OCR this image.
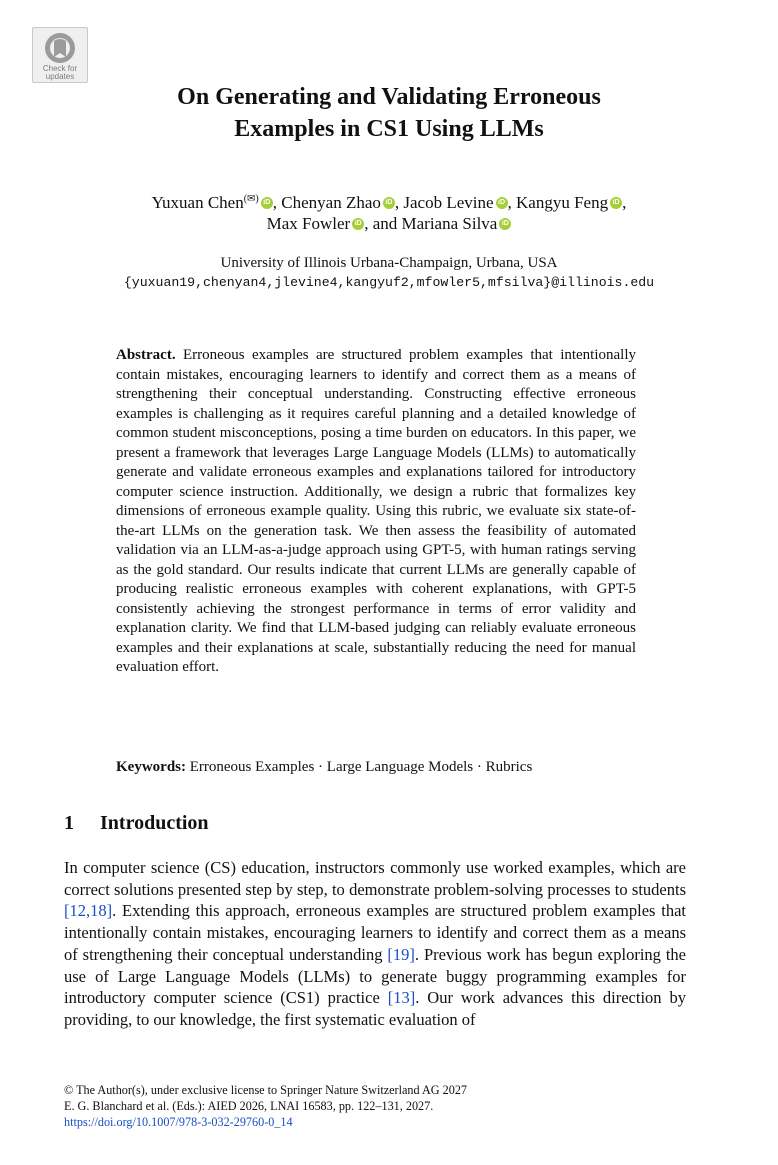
Check for
updates
On Generating and Validating Erroneous
Examples in CS1 Using LLMs
Yuxuan Chen(✉) iD , Chenyan Zhao iD , Jacob Levine iD , Kangyu Feng iD ,
Max Fowler iD , and Mariana SilvaiD
University of Illinois Urbana-Champaign, Urbana, USA
{yuxuan19,chenyan4,jlevine4,kangyuf2,mfowler5,mfsilva}@illinois.edu

Abstract. Erroneous examples are structured problem examples that intentionally contain mistakes, encouraging learners to identify and correct them as a means of strengthening their conceptual understanding. Constructing effective erroneous examples is challenging as it requires careful planning and a detailed knowledge of common student misconceptions, posing a time burden on educators. In this paper, we present a framework that leverages Large Language Models (LLMs) to automatically generate and validate erroneous examples and explanations tailored for introductory computer science instruction. Additionally, we design a rubric that formalizes key dimensions of erroneous example quality. Using this rubric, we evaluate six state-of-the-art LLMs on the generation task. We then assess the feasibility of automated validation via an LLM-as-a-judge approach using GPT-5, with human ratings serving as the gold standard. Our results indicate that current LLMs are generally capable of producing realistic erroneous examples with coherent explanations, with GPT-5 consistently achieving the strongest performance in terms of error validity and explanation clarity. We find that LLM-based judging can reliably evaluate erroneous examples and their explanations at scale, substantially reducing the need for manual evaluation effort.

Keywords: Erroneous Examples · Large Language Models · Rubrics

1 Introduction

In computer science (CS) education, instructors commonly use worked examples, which are correct solutions presented step by step, to demonstrate problem-solving processes to students [12,18]. Extending this approach, erroneous examples are structured problem examples that intentionally contain mistakes, encouraging learners to identify and correct them as a means of strengthening their conceptual understanding [19]. Previous work has begun exploring the use of Large Language Models (LLMs) to generate buggy programming examples for introductory computer science (CS1) practice [13]. Our work advances this direction by providing, to our knowledge, the first systematic evaluation of

© The Author(s), under exclusive license to Springer Nature Switzerland AG 2027
E. G. Blanchard et al. (Eds.): AIED 2026, LNAI 16583, pp. 122–131, 2027.
https://doi.org/10.1007/978-3-032-29760-0_14
